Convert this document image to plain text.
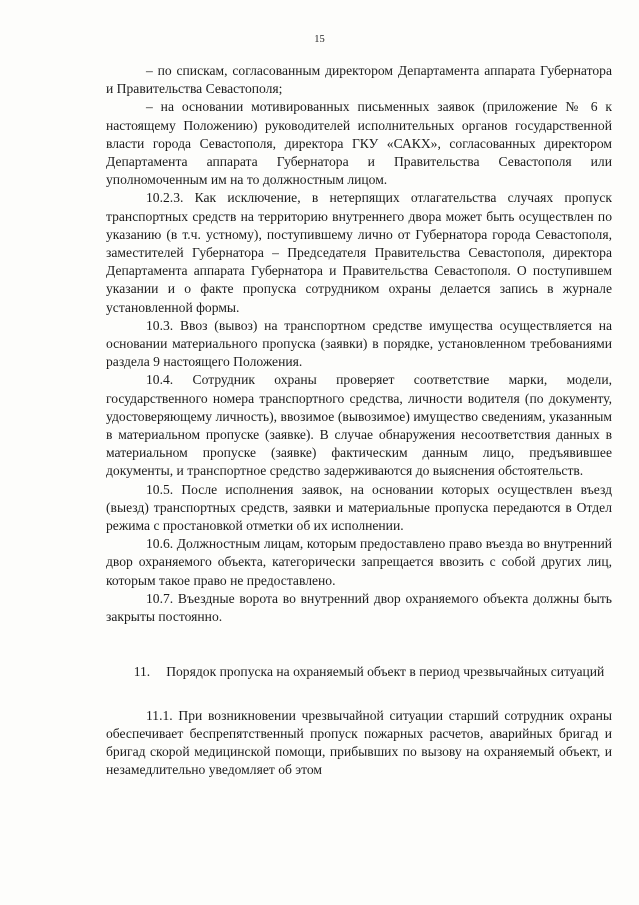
15

– по спискам, согласованным директором Департамента аппарата Губернатора и Правительства Севастополя;

– на основании мотивированных письменных заявок (приложение № 6 к настоящему Положению) руководителей исполнительных органов государственной власти города Севастополя, директора ГКУ «САКХ», согласованных директором Департамента аппарата Губернатора и Правительства Севастополя или уполномоченным им на то должностным лицом.

10.2.3. Как исключение, в нетерпящих отлагательства случаях пропуск транспортных средств на территорию внутреннего двора может быть осуществлен по указанию (в т.ч. устному), поступившему лично от Губернатора города Севастополя, заместителей Губернатора – Председателя Правительства Севастополя, директора Департамента аппарата Губернатора и Правительства Севастополя. О поступившем указании и о факте пропуска сотрудником охраны делается запись в журнале установленной формы.

10.3. Ввоз (вывоз) на транспортном средстве имущества осуществляется на основании материального пропуска (заявки) в порядке, установленном требованиями раздела 9 настоящего Положения.

10.4. Сотрудник охраны проверяет соответствие марки, модели, государственного номера транспортного средства, личности водителя (по документу, удостоверяющему личность), ввозимое (вывозимое) имущество сведениям, указанным в материальном пропуске (заявке). В случае обнаружения несоответствия данных в материальном пропуске (заявке) фактическим данным лицо, предъявившее документы, и транспортное средство задерживаются до выяснения обстоятельств.

10.5. После исполнения заявок, на основании которых осуществлен въезд (выезд) транспортных средств, заявки и материальные пропуска передаются в Отдел режима с простановкой отметки об их исполнении.

10.6. Должностным лицам, которым предоставлено право въезда во внутренний двор охраняемого объекта, категорически запрещается ввозить с собой других лиц, которым такое право не предоставлено.

10.7. Въездные ворота во внутренний двор охраняемого объекта должны быть закрыты постоянно.

11. Порядок пропуска на охраняемый объект в период чрезвычайных ситуаций

11.1. При возникновении чрезвычайной ситуации старший сотрудник охраны обеспечивает беспрепятственный пропуск пожарных расчетов, аварийных бригад и бригад скорой медицинской помощи, прибывших по вызову на охраняемый объект, и незамедлительно уведомляет об этом
